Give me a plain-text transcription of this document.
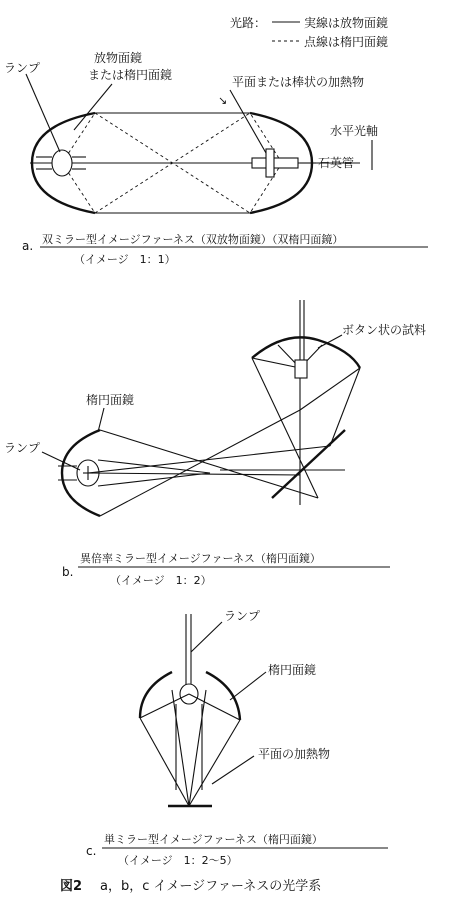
光路：	実線は放物面鏡
点線は楕円面鏡
↘
ランプ
放物面鏡
または楕円面鏡	平面または棒状の加熱物
水平光軸
石英管
a. 双ミラー型イメージファーネス（双放物面鏡）（双楕円面鏡）
（イメージ　1：1）
ボタン状の試料
楕円面鏡
ランプ
b.
異倍率ミラー型イメージファーネス（楕円面鏡）
（イメージ　1：2）
ランプ
楕円面鏡
平面の加熱物
c.
単ミラー型イメージファーネス（楕円面鏡）
（イメージ　1：2〜5）
図2 a，b，c イメージファーネスの光学系
